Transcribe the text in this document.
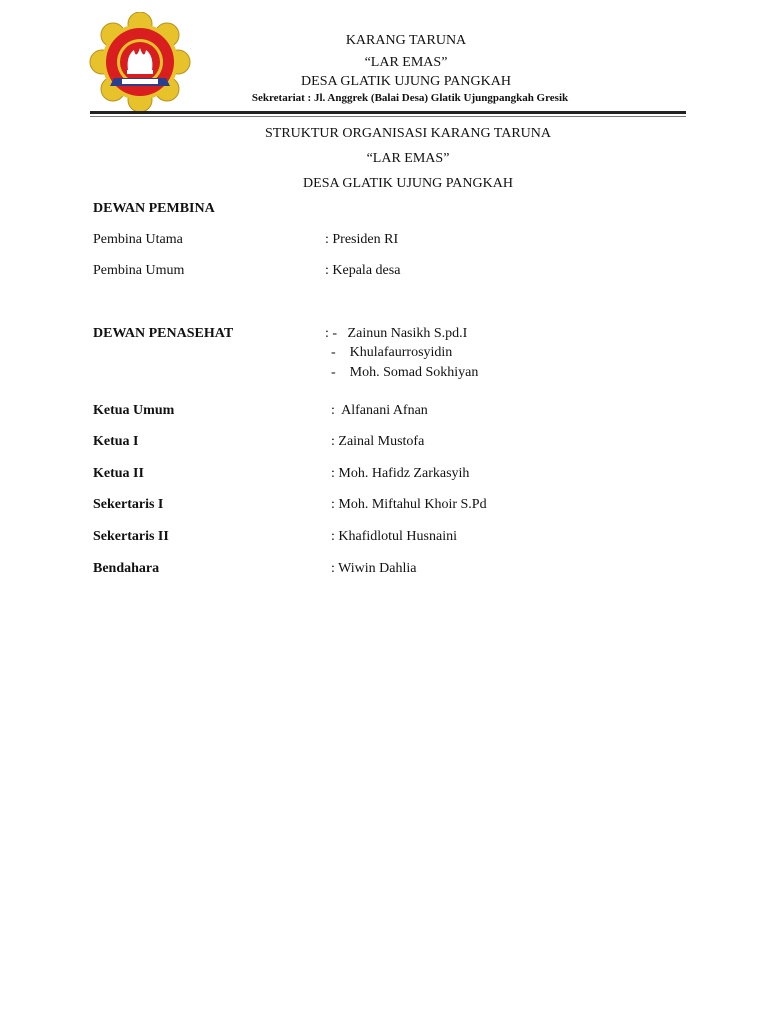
KARANG TARUNA
“LAR EMAS”
DESA GLATIK UJUNG PANGKAH
Sekretariat : Jl. Anggrek (Balai Desa) Glatik Ujungpangkah Gresik
STRUKTUR ORGANISASI KARANG TARUNA
“LAR EMAS”
DESA GLATIK UJUNG PANGKAH
DEWAN PEMBINA
Pembina Utama	: Presiden RI
Pembina Umum	: Kepala desa
DEWAN PENASEHAT	: -   Zainun Nasikh S.pd.I
-    Khulafaurrosyidin
-    Moh. Somad Sokhiyan
Ketua Umum	:  Alfanani Afnan
Ketua I	: Zainal Mustofa
Ketua II	: Moh. Hafidz Zarkasyih
Sekertaris I	: Moh. Miftahul Khoir S.Pd
Sekertaris II	: Khafidlotul Husnaini
Bendahara	: Wiwin Dahlia
